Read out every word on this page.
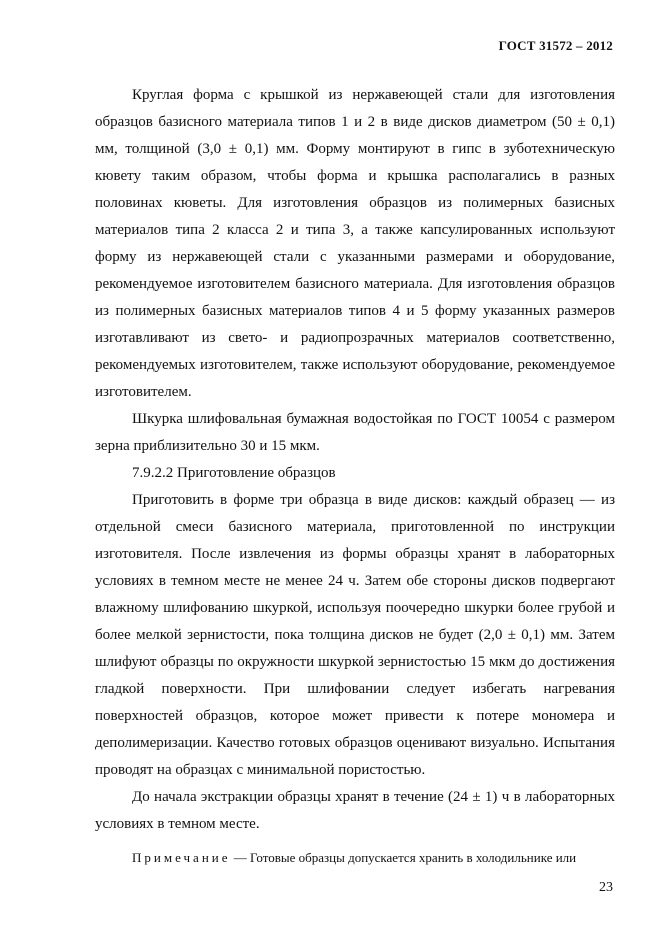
ГОСТ 31572 – 2012

Круглая форма с крышкой из нержавеющей стали для изготовления образцов базисного материала типов 1 и 2 в виде дисков диаметром (50 ± 0,1) мм, толщиной (3,0 ± 0,1) мм. Форму монтируют в гипс в зуботехническую кювету таким образом, чтобы форма и крышка располагались в разных половинах кюветы. Для изготовления образцов из полимерных базисных материалов типа 2 класса 2 и типа 3, а также капсулированных используют форму из нержавеющей стали с указанными размерами и оборудование, рекомендуемое изготовителем базисного материала. Для изготовления образцов из полимерных базисных материалов типов 4 и 5 форму указанных размеров изготавливают из свето- и радиопрозрачных материалов соответственно, рекомендуемых изготовителем, также используют оборудование, рекомендуемое изготовителем.

Шкурка шлифовальная бумажная водостойкая по ГОСТ 10054 с размером зерна приблизительно 30 и 15 мкм.

7.9.2.2 Приготовление образцов

Приготовить в форме три образца в виде дисков: каждый образец — из отдельной смеси базисного материала, приготовленной по инструкции изготовителя. После извлечения из формы образцы хранят в лабораторных условиях в темном месте не менее 24 ч. Затем обе стороны дисков подвергают влажному шлифованию шкуркой, используя поочередно шкурки более грубой и более мелкой зернистости, пока толщина дисков не будет (2,0 ± 0,1) мм. Затем шлифуют образцы по окружности шкуркой зернистостью 15 мкм до достижения гладкой поверхности. При шлифовании следует избегать нагревания поверхностей образцов, которое может привести к потере мономера и деполимеризации. Качество готовых образцов оценивают визуально. Испытания проводят на образцах с минимальной пористостью.

До начала экстракции образцы хранят в течение (24 ± 1) ч в лабораторных условиях в темном месте.

Примечание — Готовые образцы допускается хранить в холодильнике или

23
